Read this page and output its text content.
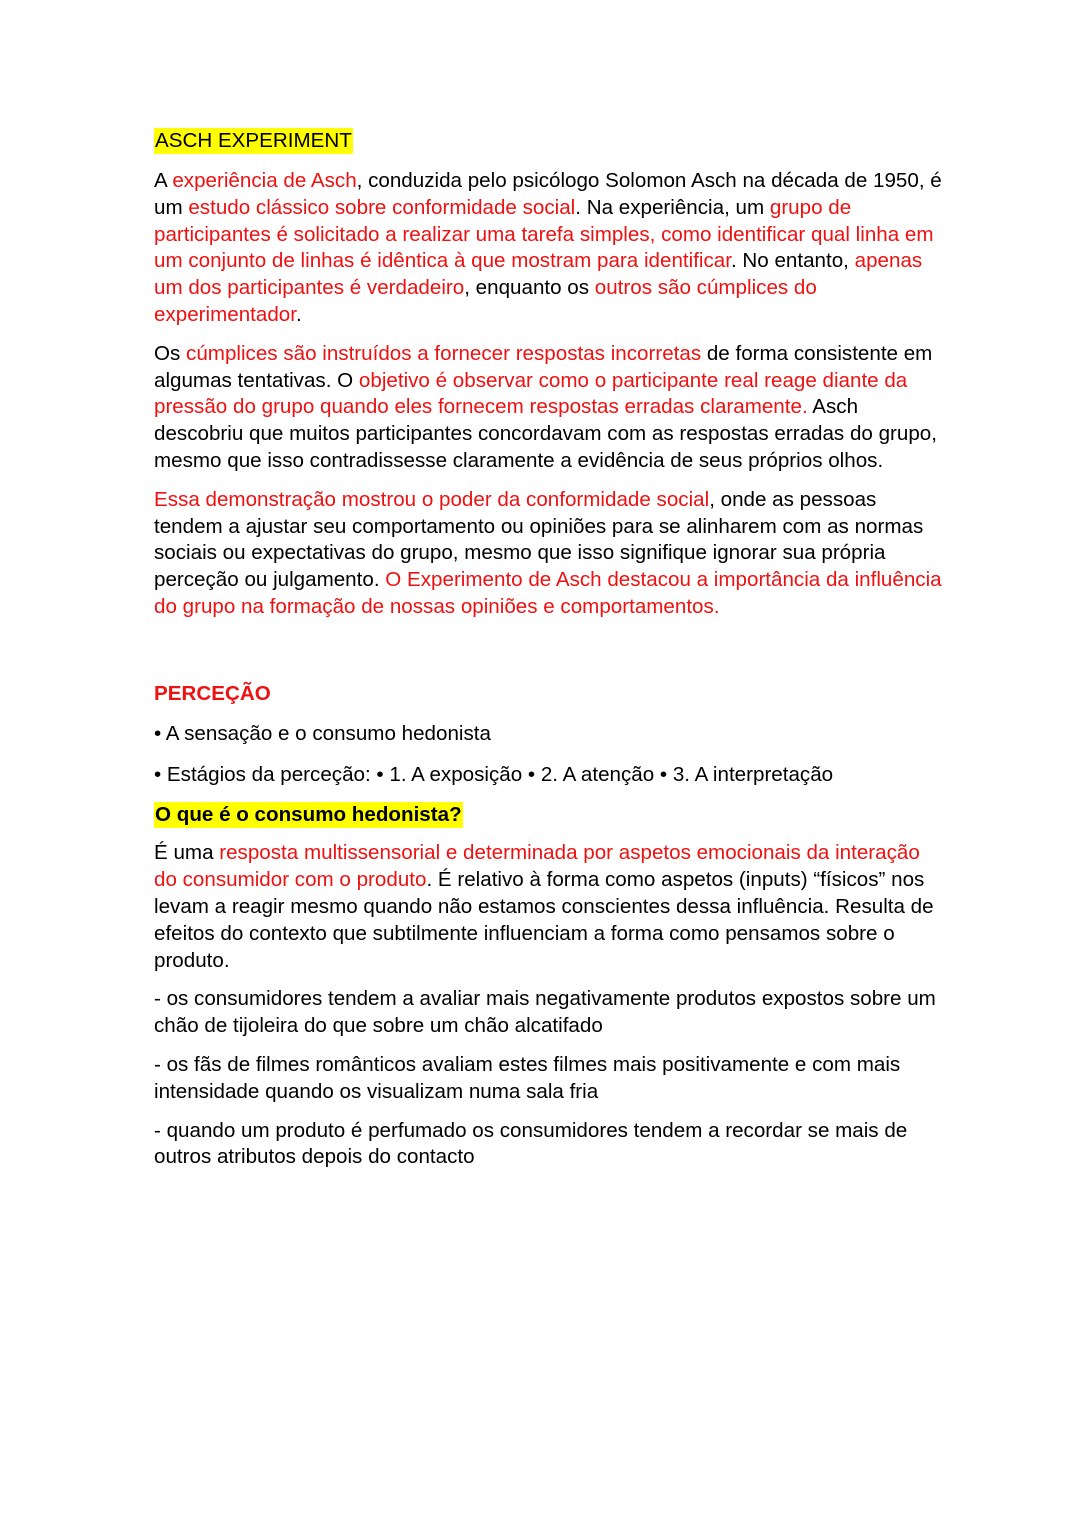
ASCH EXPERIMENT

A experiência de Asch, conduzida pelo psicólogo Solomon Asch na década de 1950, é um estudo clássico sobre conformidade social. Na experiência, um grupo de participantes é solicitado a realizar uma tarefa simples, como identificar qual linha em um conjunto de linhas é idêntica à que mostram para identificar. No entanto, apenas um dos participantes é verdadeiro, enquanto os outros são cúmplices do experimentador.

Os cúmplices são instruídos a fornecer respostas incorretas de forma consistente em algumas tentativas. O objetivo é observar como o participante real reage diante da pressão do grupo quando eles fornecem respostas erradas claramente. Asch descobriu que muitos participantes concordavam com as respostas erradas do grupo, mesmo que isso contradissesse claramente a evidência de seus próprios olhos.

Essa demonstração mostrou o poder da conformidade social, onde as pessoas tendem a ajustar seu comportamento ou opiniões para se alinharem com as normas sociais ou expectativas do grupo, mesmo que isso signifique ignorar sua própria perceção ou julgamento. O Experimento de Asch destacou a importância da influência do grupo na formação de nossas opiniões e comportamentos.

PERCEÇÃO
• A sensação e o consumo hedonista
• Estágios da perceção: • 1. A exposição • 2. A atenção • 3. A interpretação
O que é o consumo hedonista?

É uma resposta multissensorial e determinada por aspetos emocionais da interação do consumidor com o produto. É relativo à forma como aspetos (inputs) “físicos” nos levam a reagir mesmo quando não estamos conscientes dessa influência. Resulta de efeitos do contexto que subtilmente influenciam a forma como pensamos sobre o produto.

- os consumidores tendem a avaliar mais negativamente produtos expostos sobre um chão de tijoleira do que sobre um chão alcatifado

- os fãs de filmes românticos avaliam estes filmes mais positivamente e com mais intensidade quando os visualizam numa sala fria

- quando um produto é perfumado os consumidores tendem a recordar se mais de outros atributos depois do contacto
